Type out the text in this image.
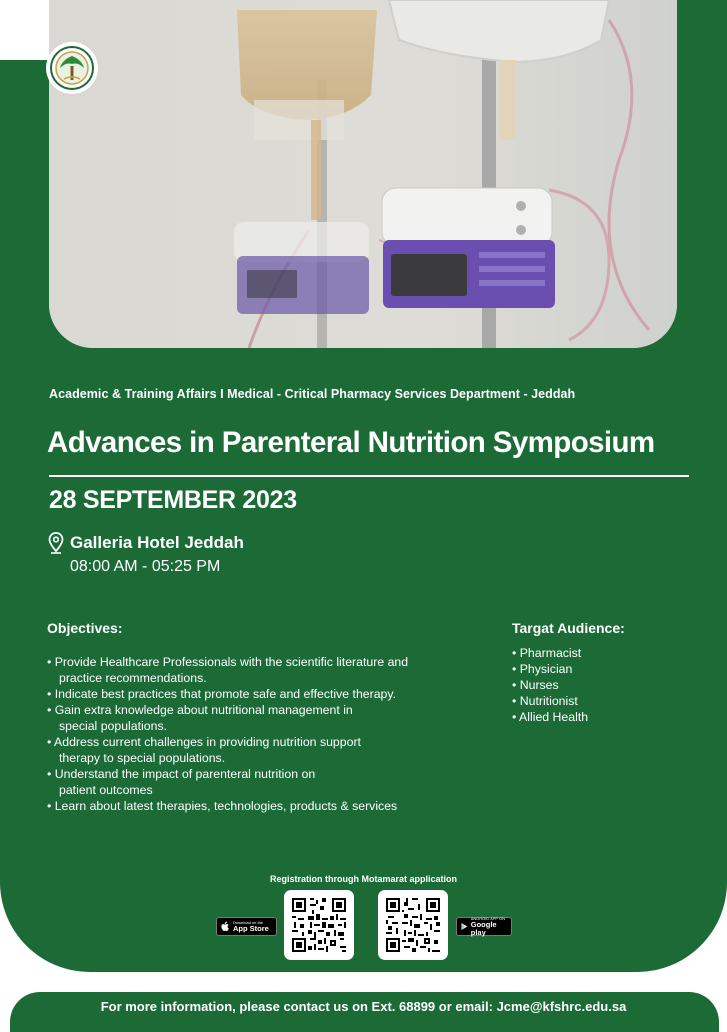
Academic & Training Affairs I Medical - Critical Pharmacy Services Department - Jeddah

Advances in Parenteral Nutrition Symposium
28 SEPTEMBER 2023
Galleria Hotel Jeddah
08:00 AM - 05:25 PM
Objectives:
• Provide Healthcare Professionals with the scientific literature and
practice recommendations.
• Indicate best practices that promote safe and effective therapy.
• Gain extra knowledge about nutritional management in
special populations.
• Address current challenges in providing nutrition support
therapy to special populations.
• Understand the impact of parenteral nutrition on
patient outcomes
• Learn about latest therapies, technologies, products & services
Targat Audience:
• Pharmacist
• Physician
• Nurses
• Nutritionist
• Allied Health
Registration through Motamarat application
Download on the
App Store
ANDROID APP ON
Google play
For more information, please contact us on Ext. 68899 or email: Jcme@kfshrc.edu.sa
